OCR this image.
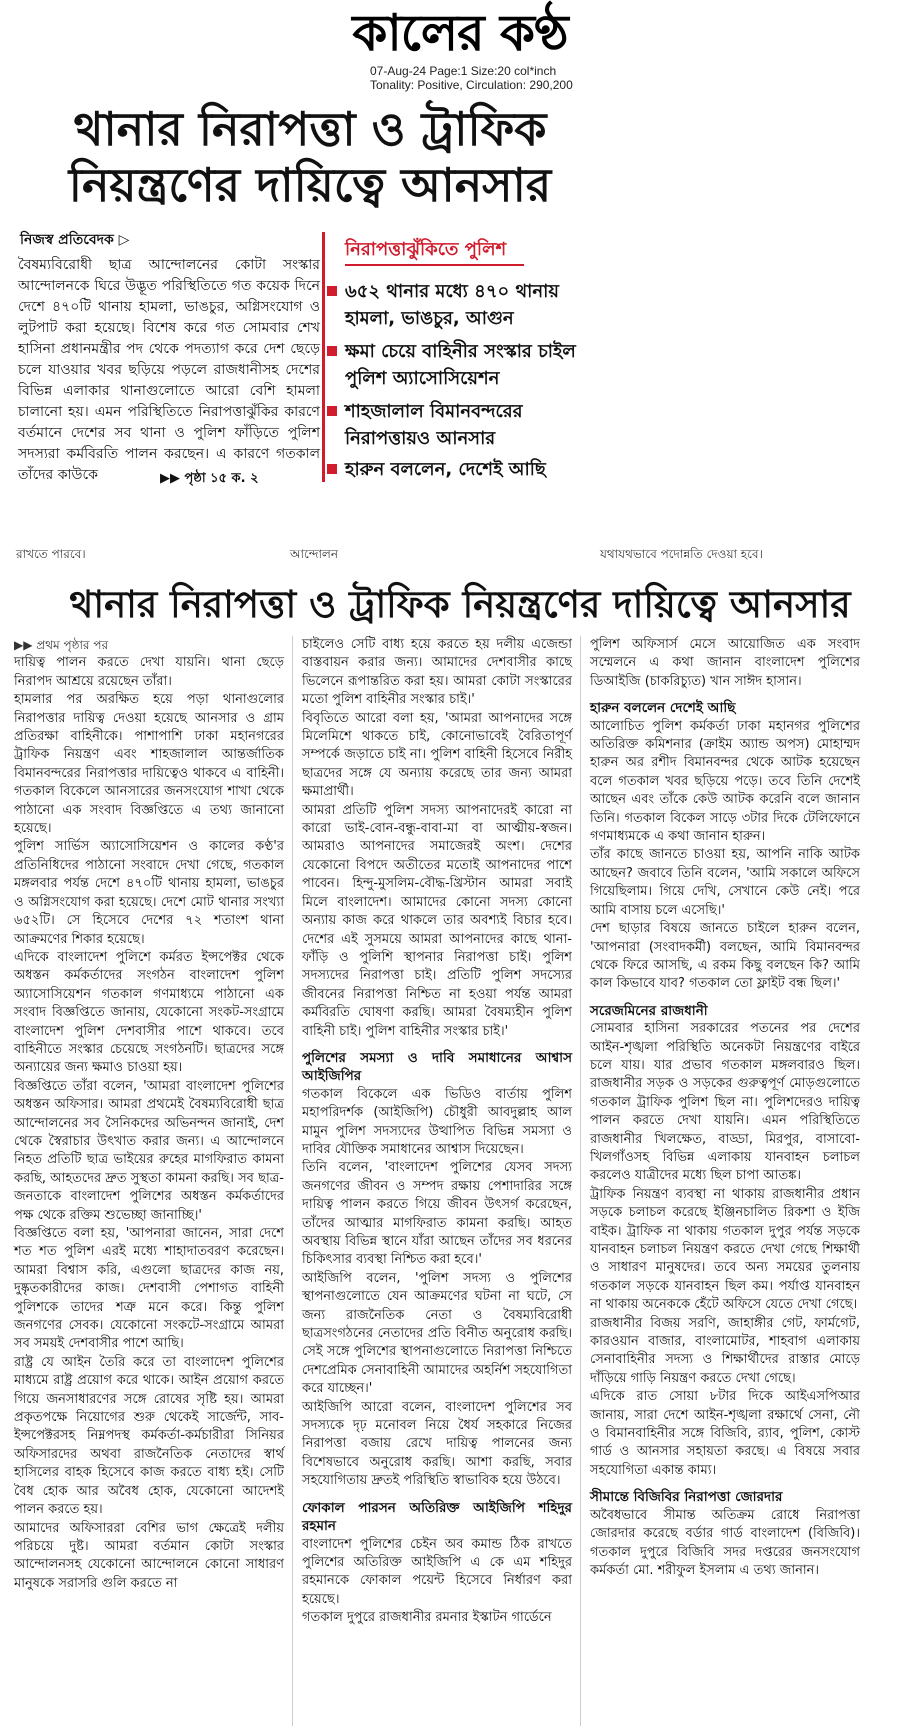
কালের কণ্ঠ
07-Aug-24 Page:1 Size:20 col*inch
Tonality: Positive, Circulation: 290,200
থানার নিরাপত্তা ও ট্রাফিক
নিয়ন্ত্রণের দায়িত্বে আনসার
নিজস্ব প্রতিবেদক ▷
বৈষম্যবিরোধী ছাত্র আন্দোলনের কোটা সংস্কার আন্দোলনকে ঘিরে উদ্ভূত পরিস্থিতিতে গত কয়েক দিনে দেশে ৪৭০টি থানায় হামলা, ভাঙচুর, অগ্নিসংযোগ ও লুটপাট করা হয়েছে। বিশেষ করে গত সোমবার শেখ হাসিনা প্রধানমন্ত্রীর পদ থেকে পদত্যাগ করে দেশ ছেড়ে চলে যাওয়ার খবর ছড়িয়ে পড়লে রাজধানীসহ দেশের বিভিন্ন এলাকার থানাগুলোতে আরো বেশি হামলা চালানো হয়। এমন পরিস্থিতিতে নিরাপত্তাঝুঁকির কারণে বর্তমানে দেশের সব থানা ও পুলিশ ফাঁড়িতে পুলিশ সদস্যরা কর্মবিরতি পালন করছেন। এ কারণে গতকাল তাঁদের কাউকে	▶▶ পৃষ্ঠা ১৫ ক. ২
নিরাপত্তাঝুঁকিতে পুলিশ
৬৫২ থানার মধ্যে ৪৭০ থানায় হামলা, ভাঙচুর, আগুন
ক্ষমা চেয়ে বাহিনীর সংস্কার চাইল পুলিশ অ্যাসোসিয়েশন
শাহজালাল বিমানবন্দরের নিরাপত্তায়ও আনসার
হারুন বললেন, দেশেই আছি
রাখতে পারবে।	আন্দোলন	যথাযথভাবে পদোন্নতি দেওয়া হবে।
থানার নিরাপত্তা ও ট্রাফিক নিয়ন্ত্রণের দায়িত্বে আনসার

▶▶ প্রথম পৃষ্ঠার পর

দায়িত্ব পালন করতে দেখা যায়নি। থানা ছেড়ে নিরাপদ আশ্রয়ে রয়েছেন তাঁরা।

হামলার পর অরক্ষিত হয়ে পড়া থানাগুলোর নিরাপত্তার দায়িত্ব দেওয়া হয়েছে আনসার ও গ্রাম প্রতিরক্ষা বাহিনীকে। পাশাপাশি ঢাকা মহানগরের ট্রাফিক নিয়ন্ত্রণ এবং শাহজালাল আন্তর্জাতিক বিমানবন্দরের নিরাপত্তার দায়িত্বেও থাকবে এ বাহিনী। গতকাল বিকেলে আনসারের জনসংযোগ শাখা থেকে পাঠানো এক সংবাদ বিজ্ঞপ্তিতে এ তথ্য জানানো হয়েছে।

পুলিশ সার্ভিস অ্যাসোসিয়েশন ও কালের কণ্ঠ'র প্রতিনিধিদের পাঠানো সংবাদে দেখা গেছে, গতকাল মঙ্গলবার পর্যন্ত দেশে ৪৭০টি থানায় হামলা, ভাঙচুর ও অগ্নিসংযোগ করা হয়েছে। দেশে মোট থানার সংখ্যা ৬৫২টি। সে হিসেবে দেশের ৭২ শতাংশ থানা আক্রমণের শিকার হয়েছে।

এদিকে বাংলাদেশ পুলিশে কর্মরত ইন্সপেক্টর থেকে অধস্তন কর্মকর্তাদের সংগঠন বাংলাদেশ পুলিশ অ্যাসোসিয়েশন গতকাল গণমাধ্যমে পাঠানো এক সংবাদ বিজ্ঞপ্তিতে জানায়, যেকোনো সংকট-সংগ্রামে বাংলাদেশ পুলিশ দেশবাসীর পাশে থাকবে। তবে বাহিনীতে সংস্কার চেয়েছে সংগঠনটি। ছাত্রদের সঙ্গে অন্যায়ের জন্য ক্ষমাও চাওয়া হয়।

বিজ্ঞপ্তিতে তাঁরা বলেন, 'আমরা বাংলাদেশ পুলিশের অধস্তন অফিসার। আমরা প্রথমেই বৈষম্যবিরোধী ছাত্র আন্দোলনের সব সৈনিকদের অভিনন্দন জানাই, দেশ থেকে স্বৈরাচার উৎখাত করার জন্য। এ আন্দোলনে নিহত প্রতিটি ছাত্র ভাইয়ের রুহের মাগফিরাত কামনা করছি, আহতদের দ্রুত সুস্থতা কামনা করছি। সব ছাত্র-জনতাকে বাংলাদেশ পুলিশের অধস্তন কর্মকর্তাদের পক্ষ থেকে রক্তিম শুভেচ্ছা জানাচ্ছি।'

বিজ্ঞপ্তিতে বলা হয়, 'আপনারা জানেন, সারা দেশে শত শত পুলিশ এরই মধ্যে শাহাদাতবরণ করেছেন। আমরা বিশ্বাস করি, এগুলো ছাত্রদের কাজ নয়, দুষ্কৃতকারীদের কাজ। দেশবাসী পেশাগত বাহিনী পুলিশকে তাদের শত্রু মনে করে। কিন্তু পুলিশ জনগণের সেবক। যেকোনো সংকটে-সংগ্রামে আমরা সব সময়ই দেশবাসীর পাশে আছি।

রাষ্ট্র যে আইন তৈরি করে তা বাংলাদেশ পুলিশের মাধ্যমে রাষ্ট্র প্রয়োগ করে থাকে। আইন প্রয়োগ করতে গিয়ে জনসাধারণের সঙ্গে রোষের সৃষ্টি হয়। আমরা প্রকৃতপক্ষে নিয়োগের শুরু থেকেই সার্জেন্ট, সাব-ইন্সপেক্টরসহ নিম্নপদস্থ কর্মকর্তা-কর্মচারীরা সিনিয়র অফিসারদের অথবা রাজনৈতিক নেতাদের স্বার্থ হাসিলের বাহক হিসেবে কাজ করতে বাধ্য হই। সেটি বৈধ হোক আর অবৈধ হোক, যেকোনো আদেশই পালন করতে হয়।

আমাদের অফিসাররা বেশির ভাগ ক্ষেত্রেই দলীয় পরিচয়ে দুষ্ট। আমরা বর্তমান কোটা সংস্কার আন্দোলনসহ যেকোনো আন্দোলনে কোনো সাধারণ মানুষকে সরাসরি গুলি করতে না

চাইলেও সেটি বাধ্য হয়ে করতে হয় দলীয় এজেন্ডা বাস্তবায়ন করার জন্য। আমাদের দেশবাসীর কাছে ভিলেনে রূপান্তরিত করা হয়। আমরা কোটা সংস্কারের মতো পুলিশ বাহিনীর সংস্কার চাই।'

বিবৃতিতে আরো বলা হয়, 'আমরা আপনাদের সঙ্গে মিলেমিশে থাকতে চাই, কোনোভাবেই বৈরিতাপূর্ণ সম্পর্কে জড়াতে চাই না। পুলিশ বাহিনী হিসেবে নিরীহ ছাত্রদের সঙ্গে যে অন্যায় করেছে তার জন্য আমরা ক্ষমাপ্রার্থী।

আমরা প্রতিটি পুলিশ সদস্য আপনাদেরই কারো না কারো ভাই-বোন-বন্ধু-বাবা-মা বা আত্মীয়-স্বজন। আমরাও আপনাদের সমাজেরই অংশ। দেশের যেকোনো বিপদে অতীতের মতোই আপনাদের পাশে পাবেন। হিন্দু-মুসলিম-বৌদ্ধ-খ্রিস্টান আমরা সবাই মিলে বাংলাদেশ। আমাদের কোনো সদস্য কোনো অন্যায় কাজ করে থাকলে তার অবশ্যই বিচার হবে। দেশের এই সুসময়ে আমরা আপনাদের কাছে থানা-ফাঁড়ি ও পুলিশি স্থাপনার নিরাপত্তা চাই। পুলিশ সদস্যদের নিরাপত্তা চাই। প্রতিটি পুলিশ সদস্যের জীবনের নিরাপত্তা নিশ্চিত না হওয়া পর্যন্ত আমরা কর্মবিরতি ঘোষণা করছি। আমরা বৈষম্যহীন পুলিশ বাহিনী চাই। পুলিশ বাহিনীর সংস্কার চাই।'

পুলিশের সমস্যা ও দাবি সমাধানের আশ্বাস আইজিপির

গতকাল বিকেলে এক ভিডিও বার্তায় পুলিশ মহাপরিদর্শক (আইজিপি) চৌধুরী আবদুল্লাহ আল মামুন পুলিশ সদস্যদের উত্থাপিত বিভিন্ন সমস্যা ও দাবির যৌক্তিক সমাধানের আশ্বাস দিয়েছেন।

তিনি বলেন, 'বাংলাদেশ পুলিশের যেসব সদস্য জনগণের জীবন ও সম্পদ রক্ষায় পেশাদারির সঙ্গে দায়িত্ব পালন করতে গিয়ে জীবন উৎসর্গ করেছেন, তাঁদের আত্মার মাগফিরাত কামনা করছি। আহত অবস্থায় বিভিন্ন স্থানে যাঁরা আছেন তাঁদের সব ধরনের চিকিৎসার ব্যবস্থা নিশ্চিত করা হবে।'

আইজিপি বলেন, 'পুলিশ সদস্য ও পুলিশের স্থাপনাগুলোতে যেন আক্রমণের ঘটনা না ঘটে, সে জন্য রাজনৈতিক নেতা ও বৈষম্যবিরোধী ছাত্রসংগঠনের নেতাদের প্রতি বিনীত অনুরোধ করছি। সেই সঙ্গে পুলিশের স্থাপনাগুলোতে নিরাপত্তা নিশ্চিতে দেশপ্রেমিক সেনাবাহিনী আমাদের অহর্নিশ সহযোগিতা করে যাচ্ছেন।'

আইজিপি আরো বলেন, বাংলাদেশ পুলিশের সব সদস্যকে দৃঢ় মনোবল নিয়ে ধৈর্য সহকারে নিজের নিরাপত্তা বজায় রেখে দায়িত্ব পালনের জন্য বিশেষভাবে অনুরোধ করছি। আশা করছি, সবার সহযোগিতায় দ্রুতই পরিস্থিতি স্বাভাবিক হয়ে উঠবে।

ফোকাল পারসন অতিরিক্ত আইজিপি শহিদুর রহমান

বাংলাদেশ পুলিশের চেইন অব কমান্ড ঠিক রাখতে পুলিশের অতিরিক্ত আইজিপি এ কে এম শহিদুর রহমানকে ফোকাল পয়েন্ট হিসেবে নির্ধারণ করা হয়েছে।

গতকাল দুপুরে রাজধানীর রমনার ইস্কাটন গার্ডেনে

পুলিশ অফিসার্স মেসে আয়োজিত এক সংবাদ সম্মেলনে এ কথা জানান বাংলাদেশ পুলিশের ডিআইজি (চাকরিচ্যুত) খান সাঈদ হাসান।

হারুন বললেন দেশেই আছি

আলোচিত পুলিশ কর্মকর্তা ঢাকা মহানগর পুলিশের অতিরিক্ত কমিশনার (ক্রাইম অ্যান্ড অপস) মোহাম্মদ হারুন অর রশীদ বিমানবন্দর থেকে আটক হয়েছেন বলে গতকাল খবর ছড়িয়ে পড়ে। তবে তিনি দেশেই আছেন এবং তাঁকে কেউ আটক করেনি বলে জানান তিনি। গতকাল বিকেল সাড়ে ৩টার দিকে টেলিফোনে গণমাধ্যমকে এ কথা জানান হারুন।

তাঁর কাছে জানতে চাওয়া হয়, আপনি নাকি আটক আছেন? জবাবে তিনি বলেন, 'আমি সকালে অফিসে গিয়েছিলাম। গিয়ে দেখি, সেখানে কেউ নেই। পরে আমি বাসায় চলে এসেছি।'

দেশ ছাড়ার বিষয়ে জানতে চাইলে হারুন বলেন, 'আপনারা (সংবাদকর্মী) বলছেন, আমি বিমানবন্দর থেকে ফিরে আসছি, এ রকম কিছু বলছেন কি? আমি কাল কিভাবে যাব? গতকাল তো ফ্লাইট বন্ধ ছিল।'

সরেজমিনের রাজধানী

সোমবার হাসিনা সরকারের পতনের পর দেশের আইন-শৃঙ্খলা পরিস্থিতি অনেকটা নিয়ন্ত্রণের বাইরে চলে যায়। যার প্রভাব গতকাল মঙ্গলবারও ছিল। রাজধানীর সড়ক ও সড়কের গুরুত্বপূর্ণ মোড়গুলোতে গতকাল ট্রাফিক পুলিশ ছিল না। পুলিশদেরও দায়িত্ব পালন করতে দেখা যায়নি। এমন পরিস্থিতিতে রাজধানীর খিলক্ষেত, বাড্ডা, মিরপুর, বাসাবো-খিলগাঁওসহ বিভিন্ন এলাকায় যানবাহন চলাচল করলেও যাত্রীদের মধ্যে ছিল চাপা আতঙ্ক।

ট্রাফিক নিয়ন্ত্রণ ব্যবস্থা না থাকায় রাজধানীর প্রধান সড়কে চলাচল করেছে ইঞ্জিনচালিত রিকশা ও ইজি বাইক। ট্রাফিক না থাকায় গতকাল দুপুর পর্যন্ত সড়কে যানবাহন চলাচল নিয়ন্ত্রণ করতে দেখা গেছে শিক্ষার্থী ও সাধারণ মানুষদের। তবে অন্য সময়ের তুলনায় গতকাল সড়কে যানবাহন ছিল কম। পর্যাপ্ত যানবাহন না থাকায় অনেককে হেঁটে অফিসে যেতে দেখা গেছে।

রাজধানীর বিজয় সরণি, জাহাঙ্গীর গেট, ফার্মগেট, কারওয়ান বাজার, বাংলামোটর, শাহবাগ এলাকায় সেনাবাহিনীর সদস্য ও শিক্ষার্থীদের রাস্তার মোড়ে দাঁড়িয়ে গাড়ি নিয়ন্ত্রণ করতে দেখা গেছে।

এদিকে রাত সোয়া ৮টার দিকে আইএসপিআর জানায়, সারা দেশে আইন-শৃঙ্খলা রক্ষার্থে সেনা, নৌ ও বিমানবাহিনীর সঙ্গে বিজিবি, র‍্যাব, পুলিশ, কোস্ট গার্ড ও আনসার সহায়তা করছে। এ বিষয়ে সবার সহযোগিতা একান্ত কাম্য।

সীমান্তে বিজিবির নিরাপত্তা জোরদার

অবৈধভাবে সীমান্ত অতিক্রম রোধে নিরাপত্তা জোরদার করেছে বর্ডার গার্ড বাংলাদেশ (বিজিবি)। গতকাল দুপুরে বিজিবি সদর দপ্তরের জনসংযোগ কর্মকর্তা মো. শরীফুল ইসলাম এ তথ্য জানান।
